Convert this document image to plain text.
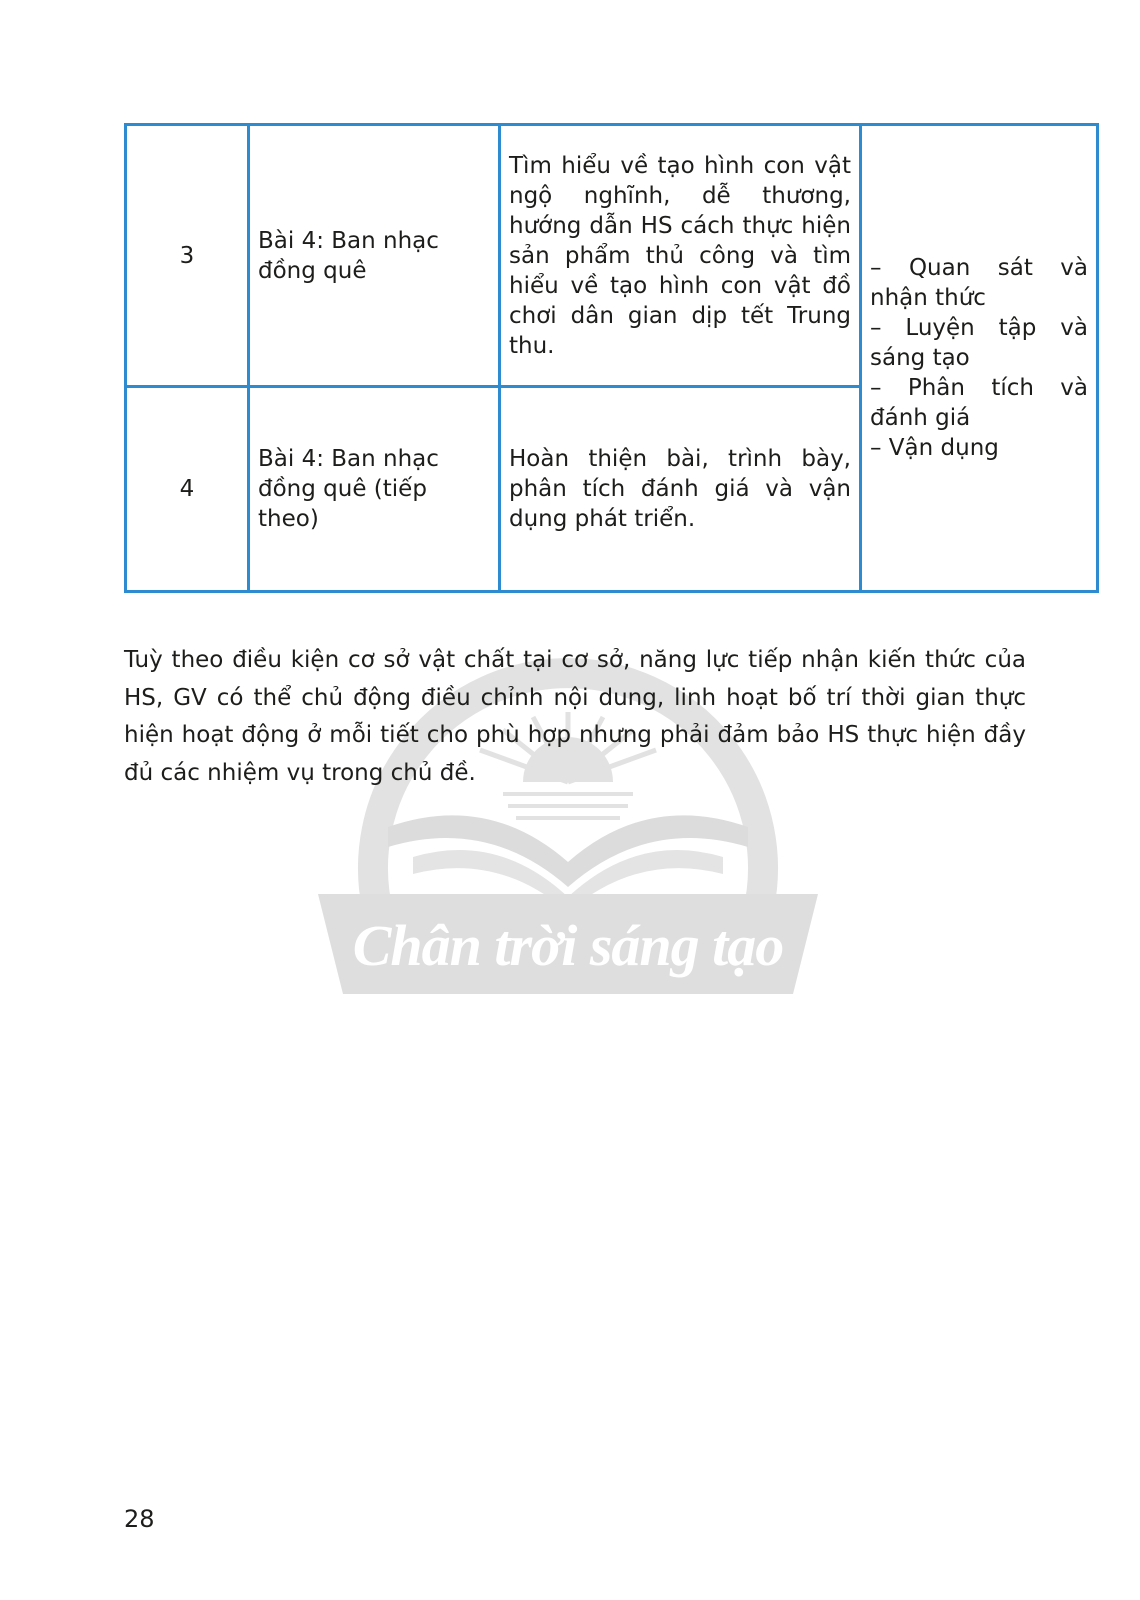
Chân trời sáng tạo
3	Bài 4: Ban nhạc đồng quê	Tìm hiểu về tạo hình con vật ngộ nghĩnh, dễ thương, hướng dẫn HS cách thực hiện sản phẩm thủ công và tìm hiểu về tạo hình con vật đồ chơi dân gian dịp tết Trung thu.	– Quan sát và nhận thức
– Luyện tập và sáng tạo
– Phân tích và đánh giá
– Vận dụng

4	Bài 4: Ban nhạc đồng quê (tiếp theo)	Hoàn thiện bài, trình bày, phân tích đánh giá và vận dụng phát triển.	

Tuỳ theo điều kiện cơ sở vật chất tại cơ sở, năng lực tiếp nhận kiến thức của HS, GV có thể chủ động điều chỉnh nội dung, linh hoạt bố trí thời gian thực hiện hoạt động ở mỗi tiết cho phù hợp nhưng phải đảm bảo HS thực hiện đầy đủ các nhiệm vụ trong chủ đề.

28
